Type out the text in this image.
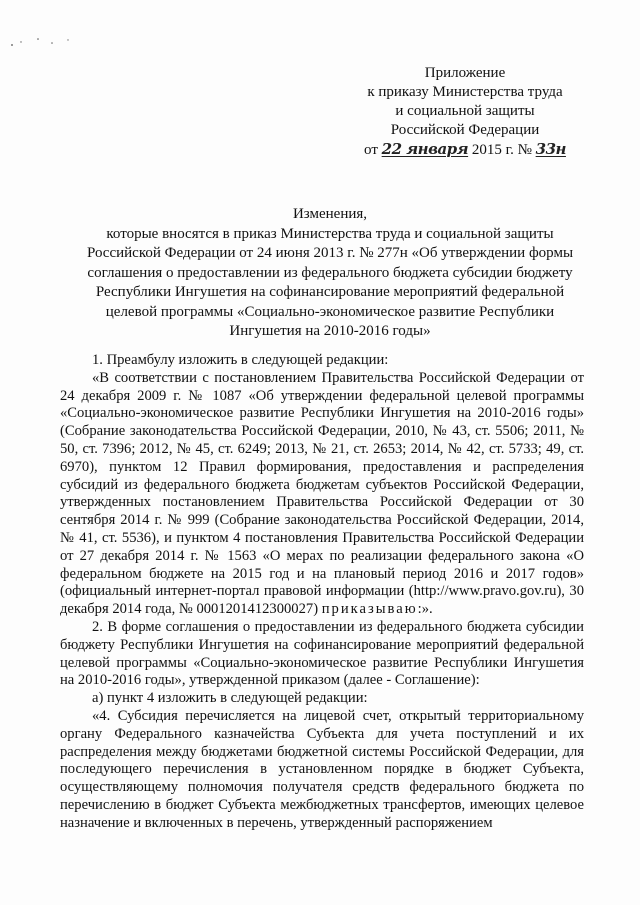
Приложение
к приказу Министерства труда
и социальной защиты
Российской Федерации
от 22 января 2015 г. № 33н
Изменения,
которые вносятся в приказ Министерства труда и социальной защиты
Российской Федерации от 24 июня 2013 г. № 277н «Об утверждении формы
соглашения о предоставлении из федерального бюджета субсидии бюджету
Республики Ингушетия на софинансирование мероприятий федеральной
целевой программы «Социально-экономическое развитие Республики
Ингушетия на 2010-2016 годы»

1. Преамбулу изложить в следующей редакции:

«В соответствии с постановлением Правительства Российской Федерации от 24 декабря 2009 г. № 1087 «Об утверждении федеральной целевой программы «Социально-экономическое развитие Республики Ингушетия на 2010-2016 годы» (Собрание законодательства Российской Федерации, 2010, № 43, ст. 5506; 2011, № 50, ст. 7396; 2012, № 45, ст. 6249; 2013, № 21, ст. 2653; 2014, № 42, ст. 5733; 49, ст. 6970), пунктом 12 Правил формирования, предоставления и распределения субсидий из федерального бюджета бюджетам субъектов Российской Федерации, утвержденных постановлением Правительства Российской Федерации от 30 сентября 2014 г. № 999 (Собрание законодательства Российской Федерации, 2014, № 41, ст. 5536), и пунктом 4 постановления Правительства Российской Федерации от 27 декабря 2014 г. № 1563 «О мерах по реализации федерального закона «О федеральном бюджете на 2015 год и на плановый период 2016 и 2017 годов» (официальный интернет-портал правовой информации (http://www.pravo.gov.ru), 30 декабря 2014 года, № 0001201412300027) приказываю:».

2. В форме соглашения о предоставлении из федерального бюджета субсидии бюджету Республики Ингушетия на софинансирование мероприятий федеральной целевой программы «Социально-экономическое развитие Республики Ингушетия на 2010-2016 годы», утвержденной приказом (далее - Соглашение):

а) пункт 4 изложить в следующей редакции:

«4. Субсидия перечисляется на лицевой счет, открытый территориальному органу Федерального казначейства Субъекта для учета поступлений и их распределения между бюджетами бюджетной системы Российской Федерации, для последующего перечисления в установленном порядке в бюджет Субъекта, осуществляющему полномочия получателя средств федерального бюджета по перечислению в бюджет Субъекта межбюджетных трансфертов, имеющих целевое назначение и включенных в перечень, утвержденный распоряжением
